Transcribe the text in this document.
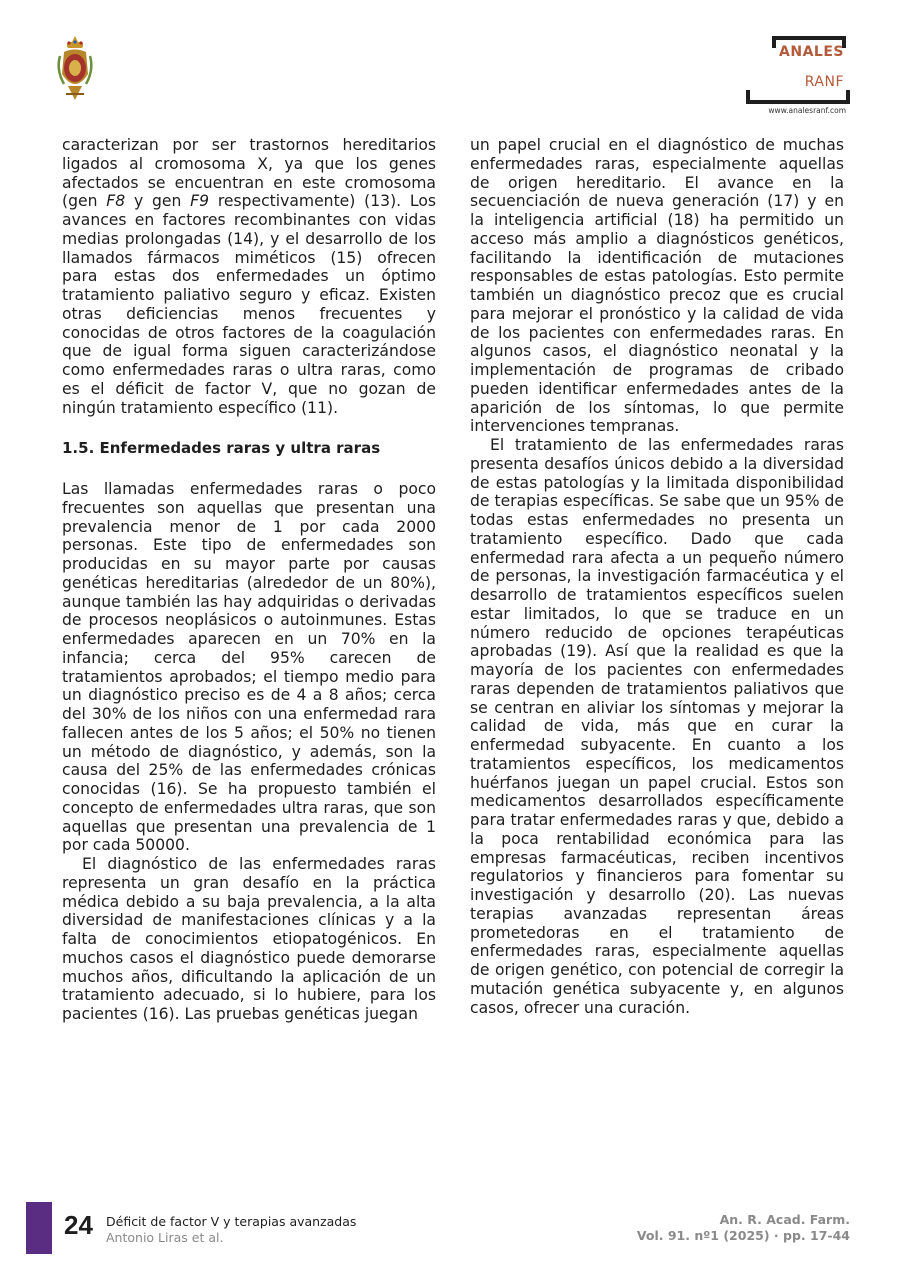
ANALES
RANF
www.analesranf.com

caracterizan por ser trastornos hereditarios ligados al cromosoma X, ya que los genes afectados se encuentran en este cromosoma (gen F8 y gen F9 respectivamente) (13). Los avances en factores recombinantes con vidas medias prolongadas (14), y el desarrollo de los llamados fármacos miméticos (15) ofrecen para estas dos enfermedades un óptimo tratamiento paliativo seguro y eficaz. Existen otras deficiencias menos frecuentes y conocidas de otros factores de la coagulación que de igual forma siguen caracterizándose como enfermedades raras o ultra raras, como es el déficit de factor V, que no gozan de ningún tratamiento específico (11).

1.5. Enfermedades raras y ultra raras

Las llamadas enfermedades raras o poco frecuentes son aquellas que presentan una prevalencia menor de 1 por cada 2000 personas. Este tipo de enfermedades son producidas en su mayor parte por causas genéticas hereditarias (alrededor de un 80%), aunque también las hay adquiridas o derivadas de procesos neoplásicos o autoinmunes. Estas enfermedades aparecen en un 70% en la infancia; cerca del 95% carecen de tratamientos aprobados; el tiempo medio para un diagnóstico preciso es de 4 a 8 años; cerca del 30% de los niños con una enfermedad rara fallecen antes de los 5 años; el 50% no tienen un método de diagnóstico, y además, son la causa del 25% de las enfermedades crónicas conocidas (16). Se ha propuesto también el concepto de enfermedades ultra raras, que son aquellas que presentan una prevalencia de 1 por cada 50000.

El diagnóstico de las enfermedades raras representa un gran desafío en la práctica médica debido a su baja prevalencia, a la alta diversidad de manifestaciones clínicas y a la falta de conocimientos etiopatogénicos. En muchos casos el diagnóstico puede demorarse muchos años, dificultando la aplicación de un tratamiento adecuado, si lo hubiere, para los pacientes (16). Las pruebas genéticas juegan

un papel crucial en el diagnóstico de muchas enfermedades raras, especialmente aquellas de origen hereditario. El avance en la secuenciación de nueva generación (17) y en la inteligencia artificial (18) ha permitido un acceso más amplio a diagnósticos genéticos, facilitando la identificación de mutaciones responsables de estas patologías. Esto permite también un diagnóstico precoz que es crucial para mejorar el pronóstico y la calidad de vida de los pacientes con enfermedades raras. En algunos casos, el diagnóstico neonatal y la implementación de programas de cribado pueden identificar enfermedades antes de la aparición de los síntomas, lo que permite intervenciones tempranas.

El tratamiento de las enfermedades raras presenta desafíos únicos debido a la diversidad de estas patologías y la limitada disponibilidad de terapias específicas. Se sabe que un 95% de todas estas enfermedades no presenta un tratamiento específico. Dado que cada enfermedad rara afecta a un pequeño número de personas, la investigación farmacéutica y el desarrollo de tratamientos específicos suelen estar limitados, lo que se traduce en un número reducido de opciones terapéuticas aprobadas (19). Así que la realidad es que la mayoría de los pacientes con enfermedades raras dependen de tratamientos paliativos que se centran en aliviar los síntomas y mejorar la calidad de vida, más que en curar la enfermedad subyacente. En cuanto a los tratamientos específicos, los medicamentos huérfanos juegan un papel crucial. Estos son medicamentos desarrollados específicamente para tratar enfermedades raras y que, debido a la poca rentabilidad económica para las empresas farmacéuticas, reciben incentivos regulatorios y financieros para fomentar su investigación y desarrollo (20). Las nuevas terapias avanzadas representan áreas prometedoras en el tratamiento de enfermedades raras, especialmente aquellas de origen genético, con potencial de corregir la mutación genética subyacente y, en algunos casos, ofrecer una curación.

24 Déficit de factor V y terapias avanzadas
Antonio Liras et al.
An. R. Acad. Farm.
Vol. 91. nº1 (2025) · pp. 17-44
